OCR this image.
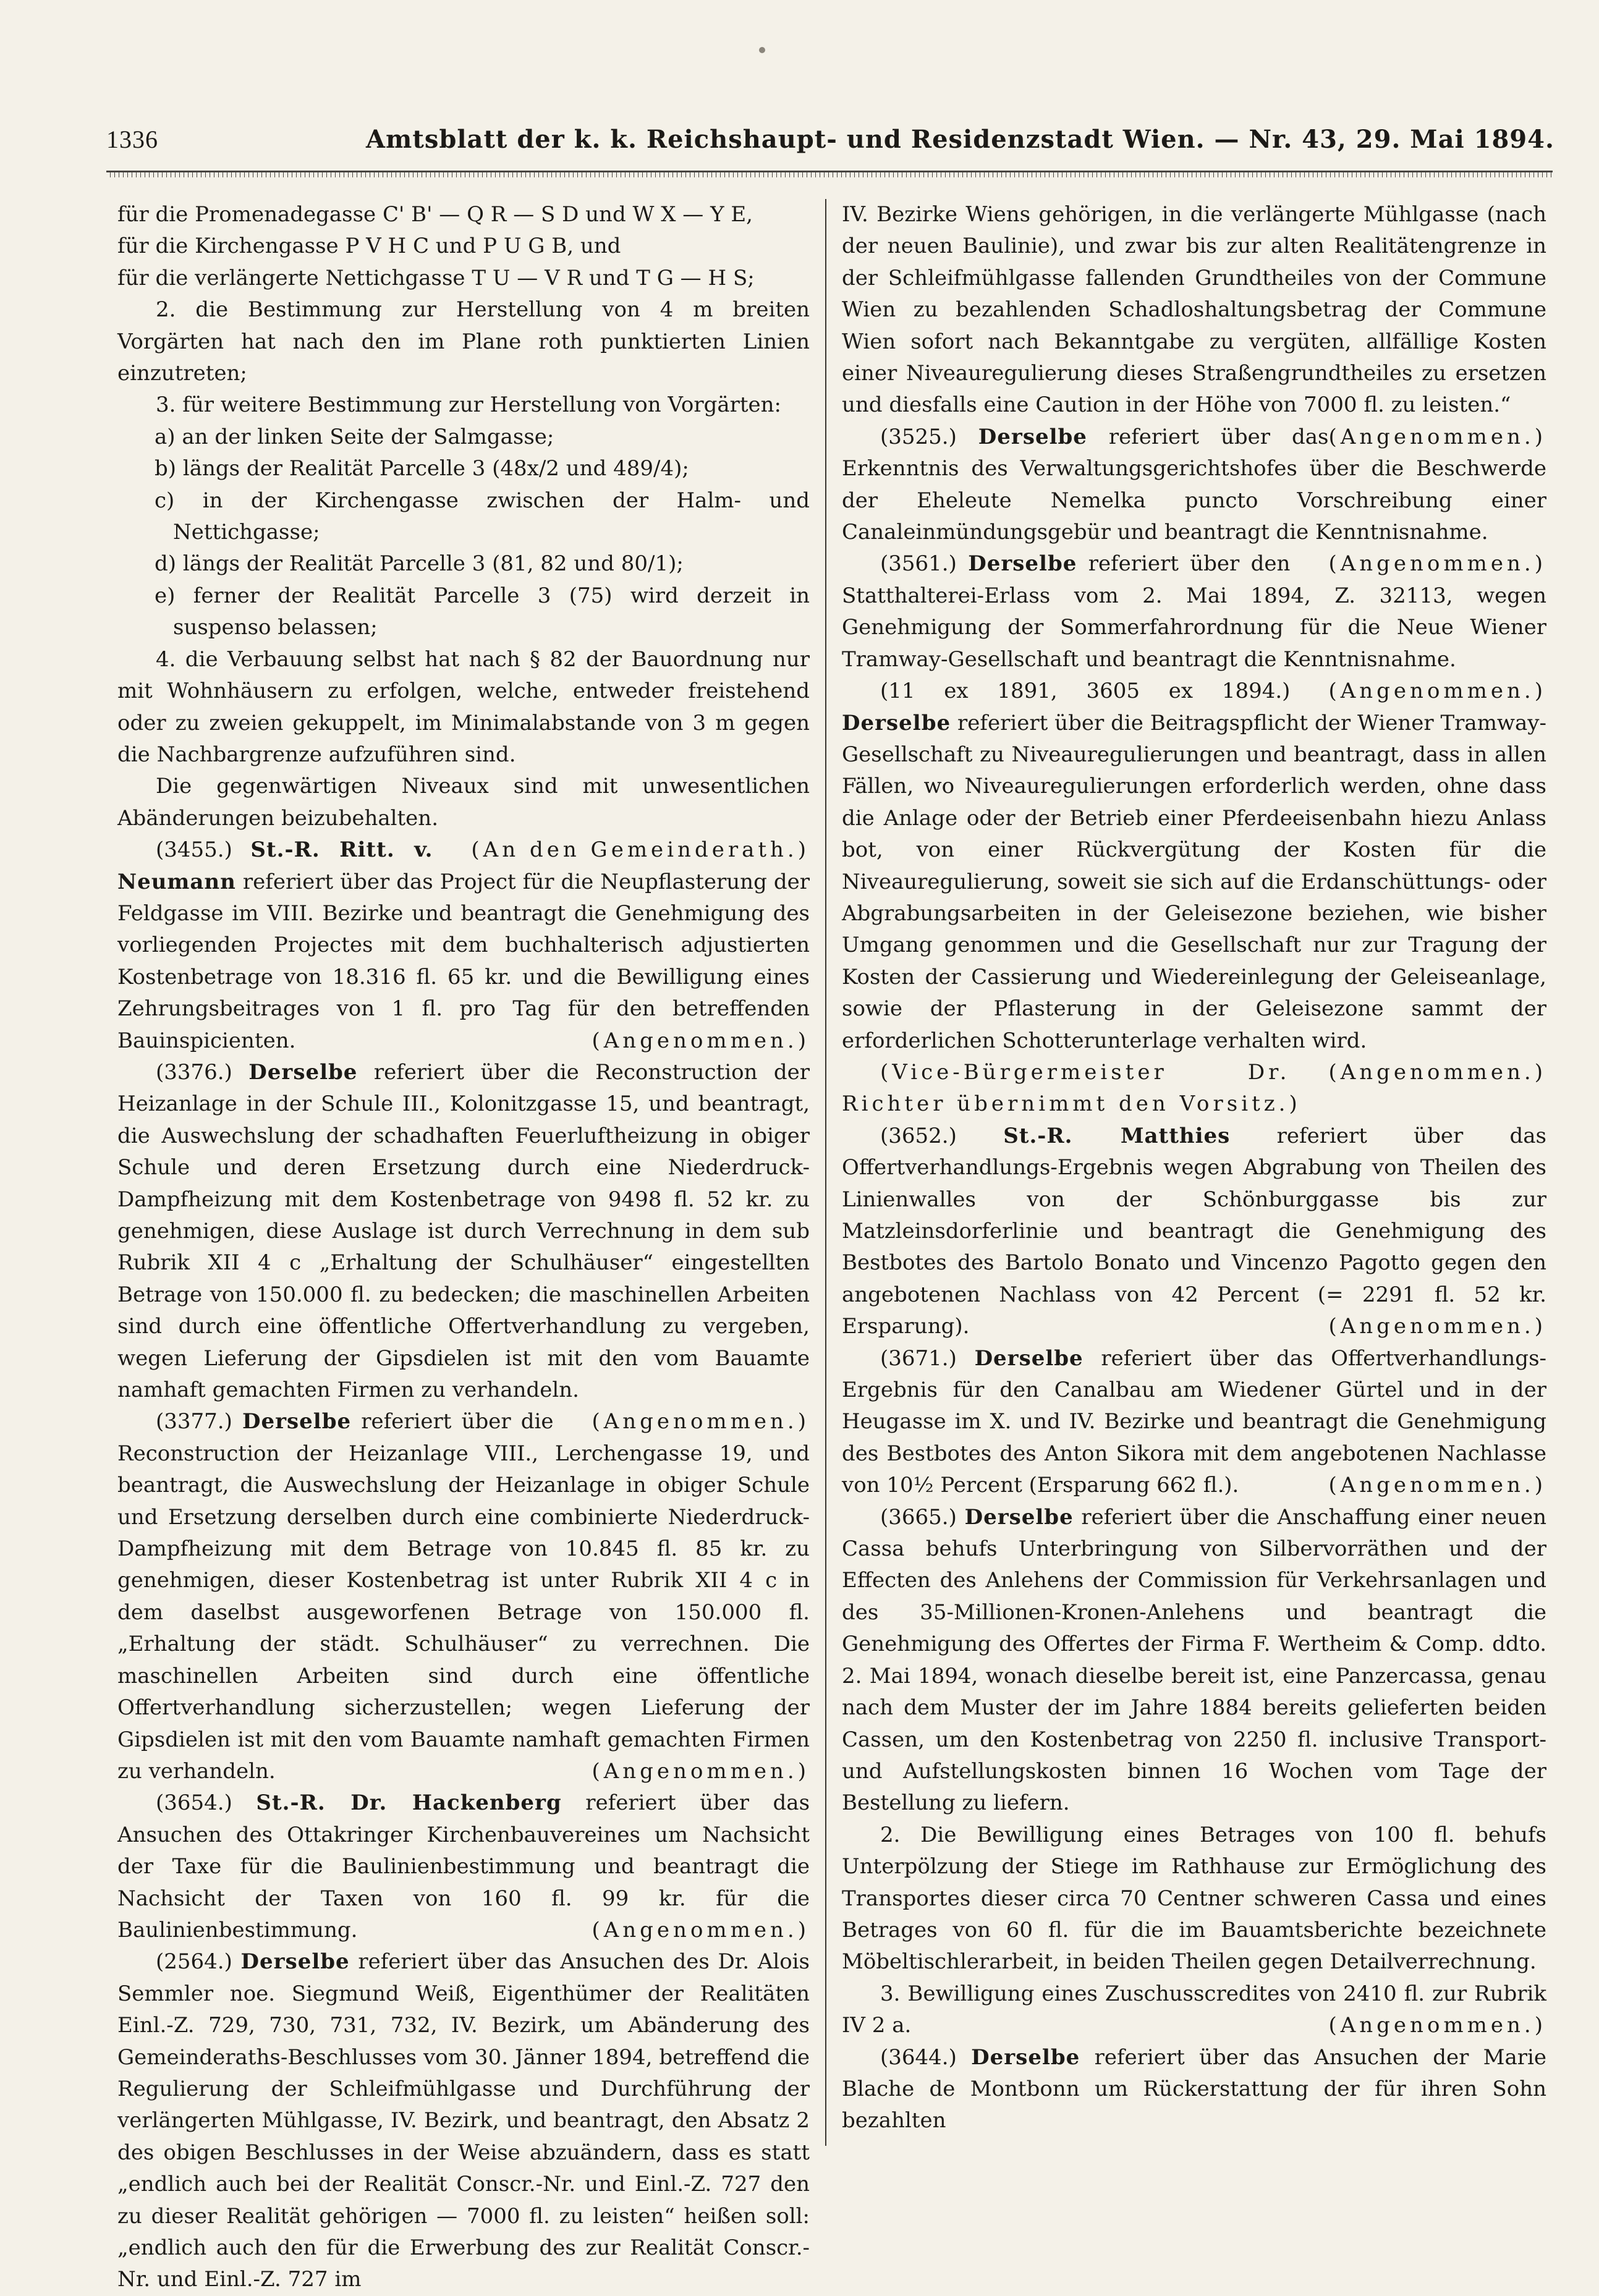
1336	Amtsblatt der k. k. Reichshaupt- und Residenzstadt Wien. — Nr. 43, 29. Mai 1894.
für die Promenadegasse C' B' — Q R — S D und W X — Y E,
für die Kirchengasse P V H C und P U G B, und
für die verlängerte Nettichgasse T U — V R und T G — H S;

2. die Bestimmung zur Herstellung von 4 m breiten Vorgärten hat nach den im Plane roth punktierten Linien einzutreten;

3. für weitere Bestimmung zur Herstellung von Vorgärten:

a) an der linken Seite der Salmgasse;

b) längs der Realität Parcelle 3 (48x/2 und 489/4);

c) in der Kirchengasse zwischen der Halm- und Nettichgasse;

d) längs der Realität Parcelle 3 (81, 82 und 80/1);

e) ferner der Realität Parcelle 3 (75) wird derzeit in suspenso belassen;

4. die Verbauung selbst hat nach § 82 der Bauordnung nur mit Wohnhäusern zu erfolgen, welche, entweder freistehend oder zu zweien gekuppelt, im Minimalabstande von 3 m gegen die Nachbargrenze aufzuführen sind.

Die gegenwärtigen Niveaux sind mit unwesentlichen Abänderungen beizubehalten.
(An den Gemeinderath.)

(3455.) St.-R. Ritt. v. Neumann referiert über das Project für die Neupflasterung der Feldgasse im VIII. Bezirke und beantragt die Genehmigung des vorliegenden Projectes mit dem buchhalterisch adjustierten Kostenbetrage von 18.316 fl. 65 kr. und die Bewilligung eines Zehrungsbeitrages von 1 fl. pro Tag für den betreffenden Bauinspicienten.	(Angenommen.)

(3376.) Derselbe referiert über die Reconstruction der Heizanlage in der Schule III., Kolonitzgasse 15, und beantragt, die Auswechslung der schadhaften Feuerluftheizung in obiger Schule und deren Ersetzung durch eine Niederdruck-Dampfheizung mit dem Kostenbetrage von 9498 fl. 52 kr. zu genehmigen, diese Auslage ist durch Verrechnung in dem sub Rubrik XII 4 c „Erhaltung der Schulhäuser“ eingestellten Betrage von 150.000 fl. zu bedecken; die maschinellen Arbeiten sind durch eine öffentliche Offertverhandlung zu vergeben, wegen Lieferung der Gipsdielen ist mit den vom Bauamte namhaft gemachten Firmen zu verhandeln.
(Angenommen.)

(3377.) Derselbe referiert über die Reconstruction der Heizanlage VIII., Lerchengasse 19, und beantragt, die Auswechslung der Heizanlage in obiger Schule und Ersetzung derselben durch eine combinierte Niederdruck-Dampfheizung mit dem Betrage von 10.845 fl. 85 kr. zu genehmigen, dieser Kostenbetrag ist unter Rubrik XII 4 c in dem daselbst ausgeworfenen Betrage von 150.000 fl. „Erhaltung der städt. Schulhäuser“ zu verrechnen. Die maschinellen Arbeiten sind durch eine öffentliche Offertverhandlung sicherzustellen; wegen Lieferung der Gipsdielen ist mit den vom Bauamte namhaft gemachten Firmen zu verhandeln.	(Angenommen.)

(3654.) St.-R. Dr. Hackenberg referiert über das Ansuchen des Ottakringer Kirchenbauvereines um Nachsicht der Taxe für die Baulinienbestimmung und beantragt die Nachsicht der Taxen von 160 fl. 99 kr. für die Baulinienbestimmung.	(Angenommen.)

(2564.) Derselbe referiert über das Ansuchen des Dr. Alois Semmler noe. Siegmund Weiß, Eigenthümer der Realitäten Einl.-Z. 729, 730, 731, 732, IV. Bezirk, um Abänderung des Gemeinderaths-Beschlusses vom 30. Jänner 1894, betreffend die Regulierung der Schleifmühlgasse und Durchführung der verlängerten Mühlgasse, IV. Bezirk, und beantragt, den Absatz 2 des obigen Beschlusses in der Weise abzuändern, dass es statt „endlich auch bei der Realität Conscr.-Nr. und Einl.-Z. 727 den zu dieser Realität gehörigen — 7000 fl. zu leisten“ heißen soll: „endlich auch den für die Erwerbung des zur Realität Conscr.-Nr. und Einl.-Z. 727 im

IV. Bezirke Wiens gehörigen, in die verlängerte Mühlgasse (nach der neuen Baulinie), und zwar bis zur alten Realitätengrenze in der Schleifmühlgasse fallenden Grundtheiles von der Commune Wien zu bezahlenden Schadloshaltungsbetrag der Commune Wien sofort nach Bekanntgabe zu vergüten, allfällige Kosten einer Niveauregulierung dieses Straßengrundtheiles zu ersetzen und diesfalls eine Caution in der Höhe von 7000 fl. zu leisten.“
(Angenommen.)

(3525.) Derselbe referiert über das Erkenntnis des Verwaltungsgerichtshofes über die Beschwerde der Eheleute Nemelka puncto Vorschreibung einer Canaleinmündungsgebür und beantragt die Kenntnisnahme.
(Angenommen.)

(3561.) Derselbe referiert über den Statthalterei-Erlass vom 2. Mai 1894, Z. 32113, wegen Genehmigung der Sommerfahrordnung für die Neue Wiener Tramway-Gesellschaft und beantragt die Kenntnisnahme.
(Angenommen.)

(11 ex 1891, 3605 ex 1894.) Derselbe referiert über die Beitragspflicht der Wiener Tramway-Gesellschaft zu Niveauregulierungen und beantragt, dass in allen Fällen, wo Niveauregulierungen erforderlich werden, ohne dass die Anlage oder der Betrieb einer Pferdeeisenbahn hiezu Anlass bot, von einer Rückvergütung der Kosten für die Niveauregulierung, soweit sie sich auf die Erdanschüttungs- oder Abgrabungsarbeiten in der Geleisezone beziehen, wie bisher Umgang genommen und die Gesellschaft nur zur Tragung der Kosten der Cassierung und Wiedereinlegung der Geleiseanlage, sowie der Pflasterung in der Geleisezone sammt der erforderlichen Schotterunterlage verhalten wird.
(Angenommen.)

(Vice-Bürgermeister Dr. Richter übernimmt den Vorsitz.)

(3652.) St.-R. Matthies referiert über das Offertverhandlungs-Ergebnis wegen Abgrabung von Theilen des Linienwalles von der Schönburggasse bis zur Matzleinsdorferlinie und beantragt die Genehmigung des Bestbotes des Bartolo Bonato und Vincenzo Pagotto gegen den angebotenen Nachlass von 42 Percent (= 2291 fl. 52 kr. Ersparung).	(Angenommen.)

(3671.) Derselbe referiert über das Offertverhandlungs-Ergebnis für den Canalbau am Wiedener Gürtel und in der Heugasse im X. und IV. Bezirke und beantragt die Genehmigung des Bestbotes des Anton Sikora mit dem angebotenen Nachlasse von 10½ Percent (Ersparung 662 fl.).	(Angenommen.)

(3665.) Derselbe referiert über die Anschaffung einer neuen Cassa behufs Unterbringung von Silbervorräthen und der Effecten des Anlehens der Commission für Verkehrsanlagen und des 35-Millionen-Kronen-Anlehens und beantragt die Genehmigung des Offertes der Firma F. Wertheim & Comp. ddto. 2. Mai 1894, wonach dieselbe bereit ist, eine Panzercassa, genau nach dem Muster der im Jahre 1884 bereits gelieferten beiden Cassen, um den Kostenbetrag von 2250 fl. inclusive Transport- und Aufstellungskosten binnen 16 Wochen vom Tage der Bestellung zu liefern.

2. Die Bewilligung eines Betrages von 100 fl. behufs Unterpölzung der Stiege im Rathhause zur Ermöglichung des Transportes dieser circa 70 Centner schweren Cassa und eines Betrages von 60 fl. für die im Bauamtsberichte bezeichnete Möbeltischlerarbeit, in beiden Theilen gegen Detailverrechnung.

3. Bewilligung eines Zuschusscredites von 2410 fl. zur Rubrik IV 2 a.	(Angenommen.)

(3644.) Derselbe referiert über das Ansuchen der Marie Blache de Montbonn um Rückerstattung der für ihren Sohn bezahlten
